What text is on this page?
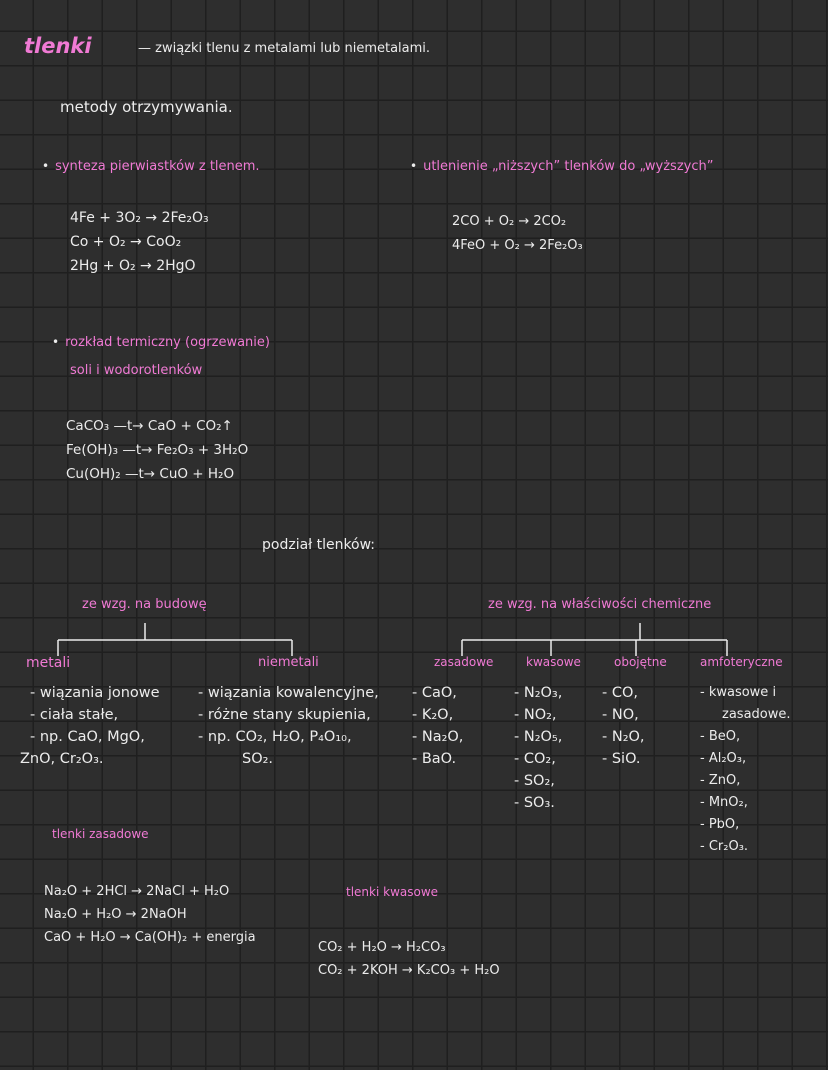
tlenki	— związki tlenu z metalami lub niemetalami.
metody otrzymywania.
• synteza pierwiastków z tlenem.
4Fe + 3O₂ → 2Fe₂O₃
Co + O₂ → CoO₂
2Hg + O₂ → 2HgO
• utlenienie „niższych” tlenków do „wyższych”
2CO + O₂ → 2CO₂
4FeO + O₂ → 2Fe₂O₃
• rozkład termiczny (ogrzewanie)
soli i wodorotlenków
CaCO₃ —t→ CaO + CO₂↑
Fe(OH)₃ —t→ Fe₂O₃ + 3H₂O
Cu(OH)₂ —t→ CuO + H₂O
podział tlenków:
ze wzg. na budowę
metali	niemetali
- wiązania jonowe
- ciała stałe,
- np. CaO, MgO,
ZnO, Cr₂O₃.
- wiązania kowalencyjne,
- różne stany skupienia,
- np. CO₂, H₂O, P₄O₁₀,
SO₂.
ze wzg. na właściwości chemiczne
zasadowe
- CaO,
- K₂O,
- Na₂O,
- BaO.
kwasowe
- N₂O₃,
- NO₂,
- N₂O₅,
- CO₂,
- SO₂,
- SO₃.
obojętne
- CO,
- NO,
- N₂O,
- SiO.
amfoteryczne
- kwasowe i
zasadowe.
- BeO,
- Al₂O₃,
- ZnO,
- MnO₂,
- PbO,
- Cr₂O₃.
tlenki zasadowe
Na₂O + 2HCl → 2NaCl + H₂O
Na₂O + H₂O → 2NaOH
CaO + H₂O → Ca(OH)₂ + energia
tlenki kwasowe
CO₂ + H₂O → H₂CO₃
CO₂ + 2KOH → K₂CO₃ + H₂O
